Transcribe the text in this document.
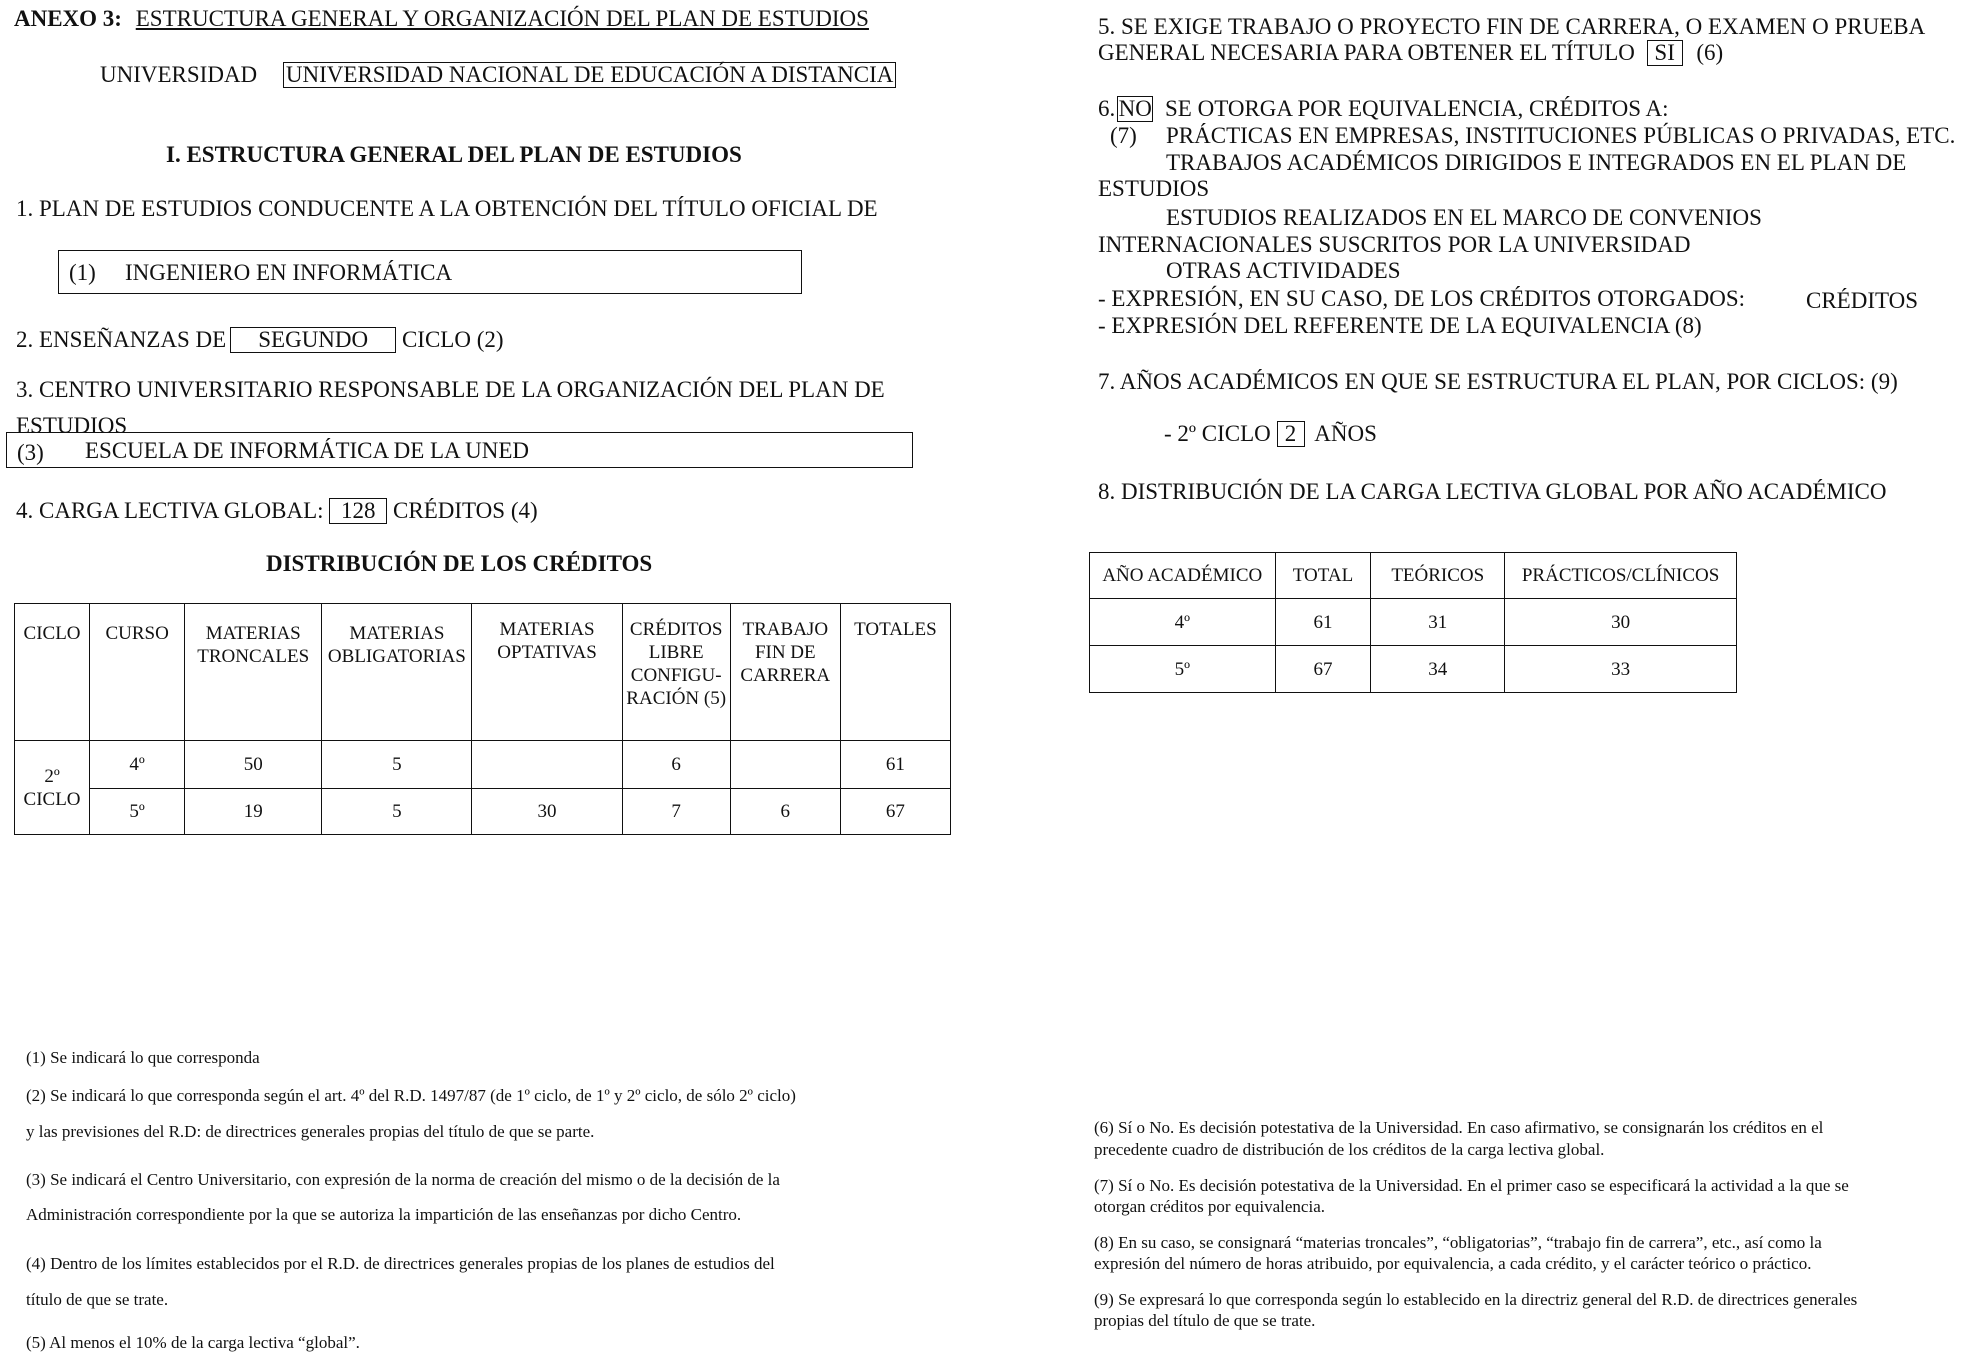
ANEXO 3: ESTRUCTURA GENERAL Y ORGANIZACIÓN DEL PLAN DE ESTUDIOS
UNIVERSIDAD UNIVERSIDAD NACIONAL DE EDUCACIÓN A DISTANCIA
I. ESTRUCTURA GENERAL DEL PLAN DE ESTUDIOS
1. PLAN DE ESTUDIOS CONDUCENTE A LA OBTENCIÓN DEL TÍTULO OFICIAL DE
(1) INGENIERO EN INFORMÁTICA
2. ENSEÑANZAS DE SEGUNDO CICLO (2)
3. CENTRO UNIVERSITARIO RESPONSABLE DE LA ORGANIZACIÓN DEL PLAN DE
ESTUDIOS
(3) ESCUELA DE INFORMÁTICA DE LA UNED
4. CARGA LECTIVA GLOBAL: 128 CRÉDITOS (4)
DISTRIBUCIÓN DE LOS CRÉDITOS
CICLO	CURSO	MATERIAS TRONCALES	MATERIAS OBLIGATORIAS	MATERIAS OPTATIVAS	CRÉDITOS LIBRE CONFIGU-RACIÓN (5)	TRABAJO FIN DE CARRERA	TOTALES
2º CICLO	4º	50	5		6		61
	5º	19	5	30	7	6	67
5. SE EXIGE TRABAJO O PROYECTO FIN DE CARRERA, O EXAMEN O PRUEBA
GENERAL NECESARIA PARA OBTENER EL TÍTULO SI (6)
6. NO SE OTORGA POR EQUIVALENCIA, CRÉDITOS A:
(7) PRÁCTICAS EN EMPRESAS, INSTITUCIONES PÚBLICAS O PRIVADAS, ETC.
TRABAJOS ACADÉMICOS DIRIGIDOS E INTEGRADOS EN EL PLAN DE
ESTUDIOS
ESTUDIOS REALIZADOS EN EL MARCO DE CONVENIOS
INTERNACIONALES SUSCRITOS POR LA UNIVERSIDAD
OTRAS ACTIVIDADES
- EXPRESIÓN, EN SU CASO, DE LOS CRÉDITOS OTORGADOS:	CRÉDITOS
- EXPRESIÓN DEL REFERENTE DE LA EQUIVALENCIA (8)
7. AÑOS ACADÉMICOS EN QUE SE ESTRUCTURA EL PLAN, POR CICLOS: (9)
- 2º CICLO 2 AÑOS
8. DISTRIBUCIÓN DE LA CARGA LECTIVA GLOBAL POR AÑO ACADÉMICO
AÑO ACADÉMICO	TOTAL	TEÓRICOS	PRÁCTICOS/CLÍNICOS
4º	61	31	30
5º	67	34	33
(1) Se indicará lo que corresponda
(2) Se indicará lo que corresponda según el art. 4º del R.D. 1497/87 (de 1º ciclo, de 1º y 2º ciclo, de sólo 2º ciclo)
y las previsiones del R.D: de directrices generales propias del título de que se parte.
(3) Se indicará el Centro Universitario, con expresión de la norma de creación del mismo o de la decisión de la
Administración correspondiente por la que se autoriza la impartición de las enseñanzas por dicho Centro.
(4) Dentro de los límites establecidos por el R.D. de directrices generales propias de los planes de estudios del
título de que se trate.
(5) Al menos el 10% de la carga lectiva “global”.
(6) Sí o No. Es decisión potestativa de la Universidad. En caso afirmativo, se consignarán los créditos en el
precedente cuadro de distribución de los créditos de la carga lectiva global.
(7) Sí o No. Es decisión potestativa de la Universidad. En el primer caso se especificará la actividad a la que se
otorgan créditos por equivalencia.
(8) En su caso, se consignará “materias troncales”, “obligatorias”, “trabajo fin de carrera”, etc., así como la
expresión del número de horas atribuido, por equivalencia, a cada crédito, y el carácter teórico o práctico.
(9) Se expresará lo que corresponda según lo establecido en la directriz general del R.D. de directrices generales
propias del título de que se trate.
